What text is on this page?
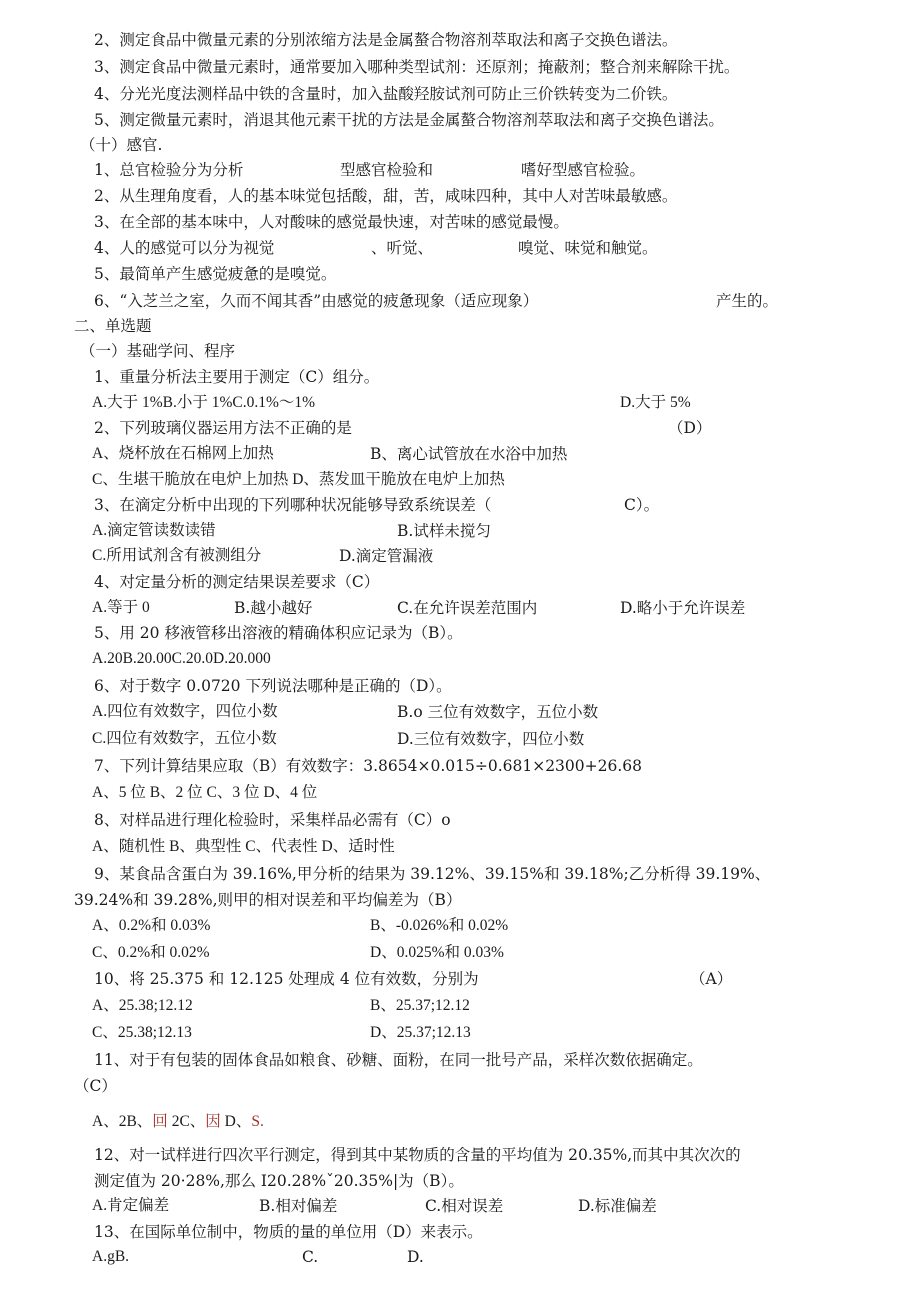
2、测定食品中微量元素的分别浓缩方法是金属螯合物溶剂萃取法和离子交换色谱法。
3、测定食品中微量元素时，通常要加入哪种类型试剂：还原剂；掩蔽剂；整合剂来解除干扰。
4、分光光度法测样品中铁的含量时，加入盐酸羟胺试剂可防止三价铁转变为二价铁。
5、测定微量元素时，消退其他元素干扰的方法是金属螯合物溶剂萃取法和离子交换色谱法。
（十）感官.
1、总官检验分为分析	型感官检验和	嗜好型感官检验。
2、从生理角度看，人的基本味觉包括酸，甜，苦，咸味四种，其中人对苦味最敏感。
3、在全部的基本味中，人对酸味的感觉最快速，对苦味的感觉最慢。
4、人的感觉可以分为视觉	、听觉、	嗅觉、味觉和触觉。
5、最简单产生感觉疲惫的是嗅觉。
6、“入芝兰之室，久而不闻其香”由感觉的疲惫现象（适应现象）	产生的。
二、单选题
（一）基础学问、程序
1、重量分析法主要用于测定（C）组分。
A.大于 1%B.小于 1%C.0.1%～1%	D.大于 5%
2、下列玻璃仪器运用方法不正确的是	（D）
A、烧杯放在石棉网上加热	B、离心试管放在水浴中加热
C、生堪干脆放在电炉上加热 D、蒸发皿干脆放在电炉上加热
3、在滴定分析中出现的下列哪种状况能够导致系统误差（	C）。
A.滴定管读数读错	B.试样未搅匀
C.所用试剂含有被测组分	D.滴定管漏液
4、对定量分析的测定结果误差要求（C）
A.等于 0	B.越小越好	C.在允许误差范围内	D.略小于允许误差
5、用 20 移液管移出溶液的精确体积应记录为（B）。
A.20B.20.00C.20.0D.20.000
6、对于数字 0.0720 下列说法哪种是正确的（D）。
A.四位有效数字，四位小数	B.o 三位有效数字，五位小数
C.四位有效数字，五位小数	D.三位有效数字，四位小数
7、下列计算结果应取（B）有效数字：3.8654×0.015÷0.681×2300+26.68
A、5 位 B、2 位 C、3 位 D、4 位
8、对样品进行理化检验时，采集样品必需有（C）o
A、随机性 B、典型性 C、代表性 D、适时性
9、某食品含蛋白为 39.16%,甲分析的结果为 39.12%、39.15%和 39.18%;乙分析得 39.19%、
39.24%和 39.28%,则甲的相对误差和平均偏差为（B）
A、0.2%和 0.03%	B、-0.026%和 0.02%
C、0.2%和 0.02%	D、0.025%和 0.03%
10、将 25.375 和 12.125 处理成 4 位有效数，分别为	（A）
A、25.38;12.12	B、25.37;12.12
C、25.38;12.13	D、25.37;12.13
11、对于有包装的固体食品如粮食、砂糖、面粉，在同一批号产品，采样次数依据确定。
（C）
A、2B、回 2C、因 D、S.
12、对一试样进行四次平行测定，得到其中某物质的含量的平均值为 20.35%,而其中其次次的
测定值为 20·28%,那么 I20.28%ˇ20.35%|为（B）。
A.肯定偏差	B.相对偏差	C.相对误差	D.标准偏差
13、在国际单位制中，物质的量的单位用（D）来表示。
A.gB.	C.	D.
